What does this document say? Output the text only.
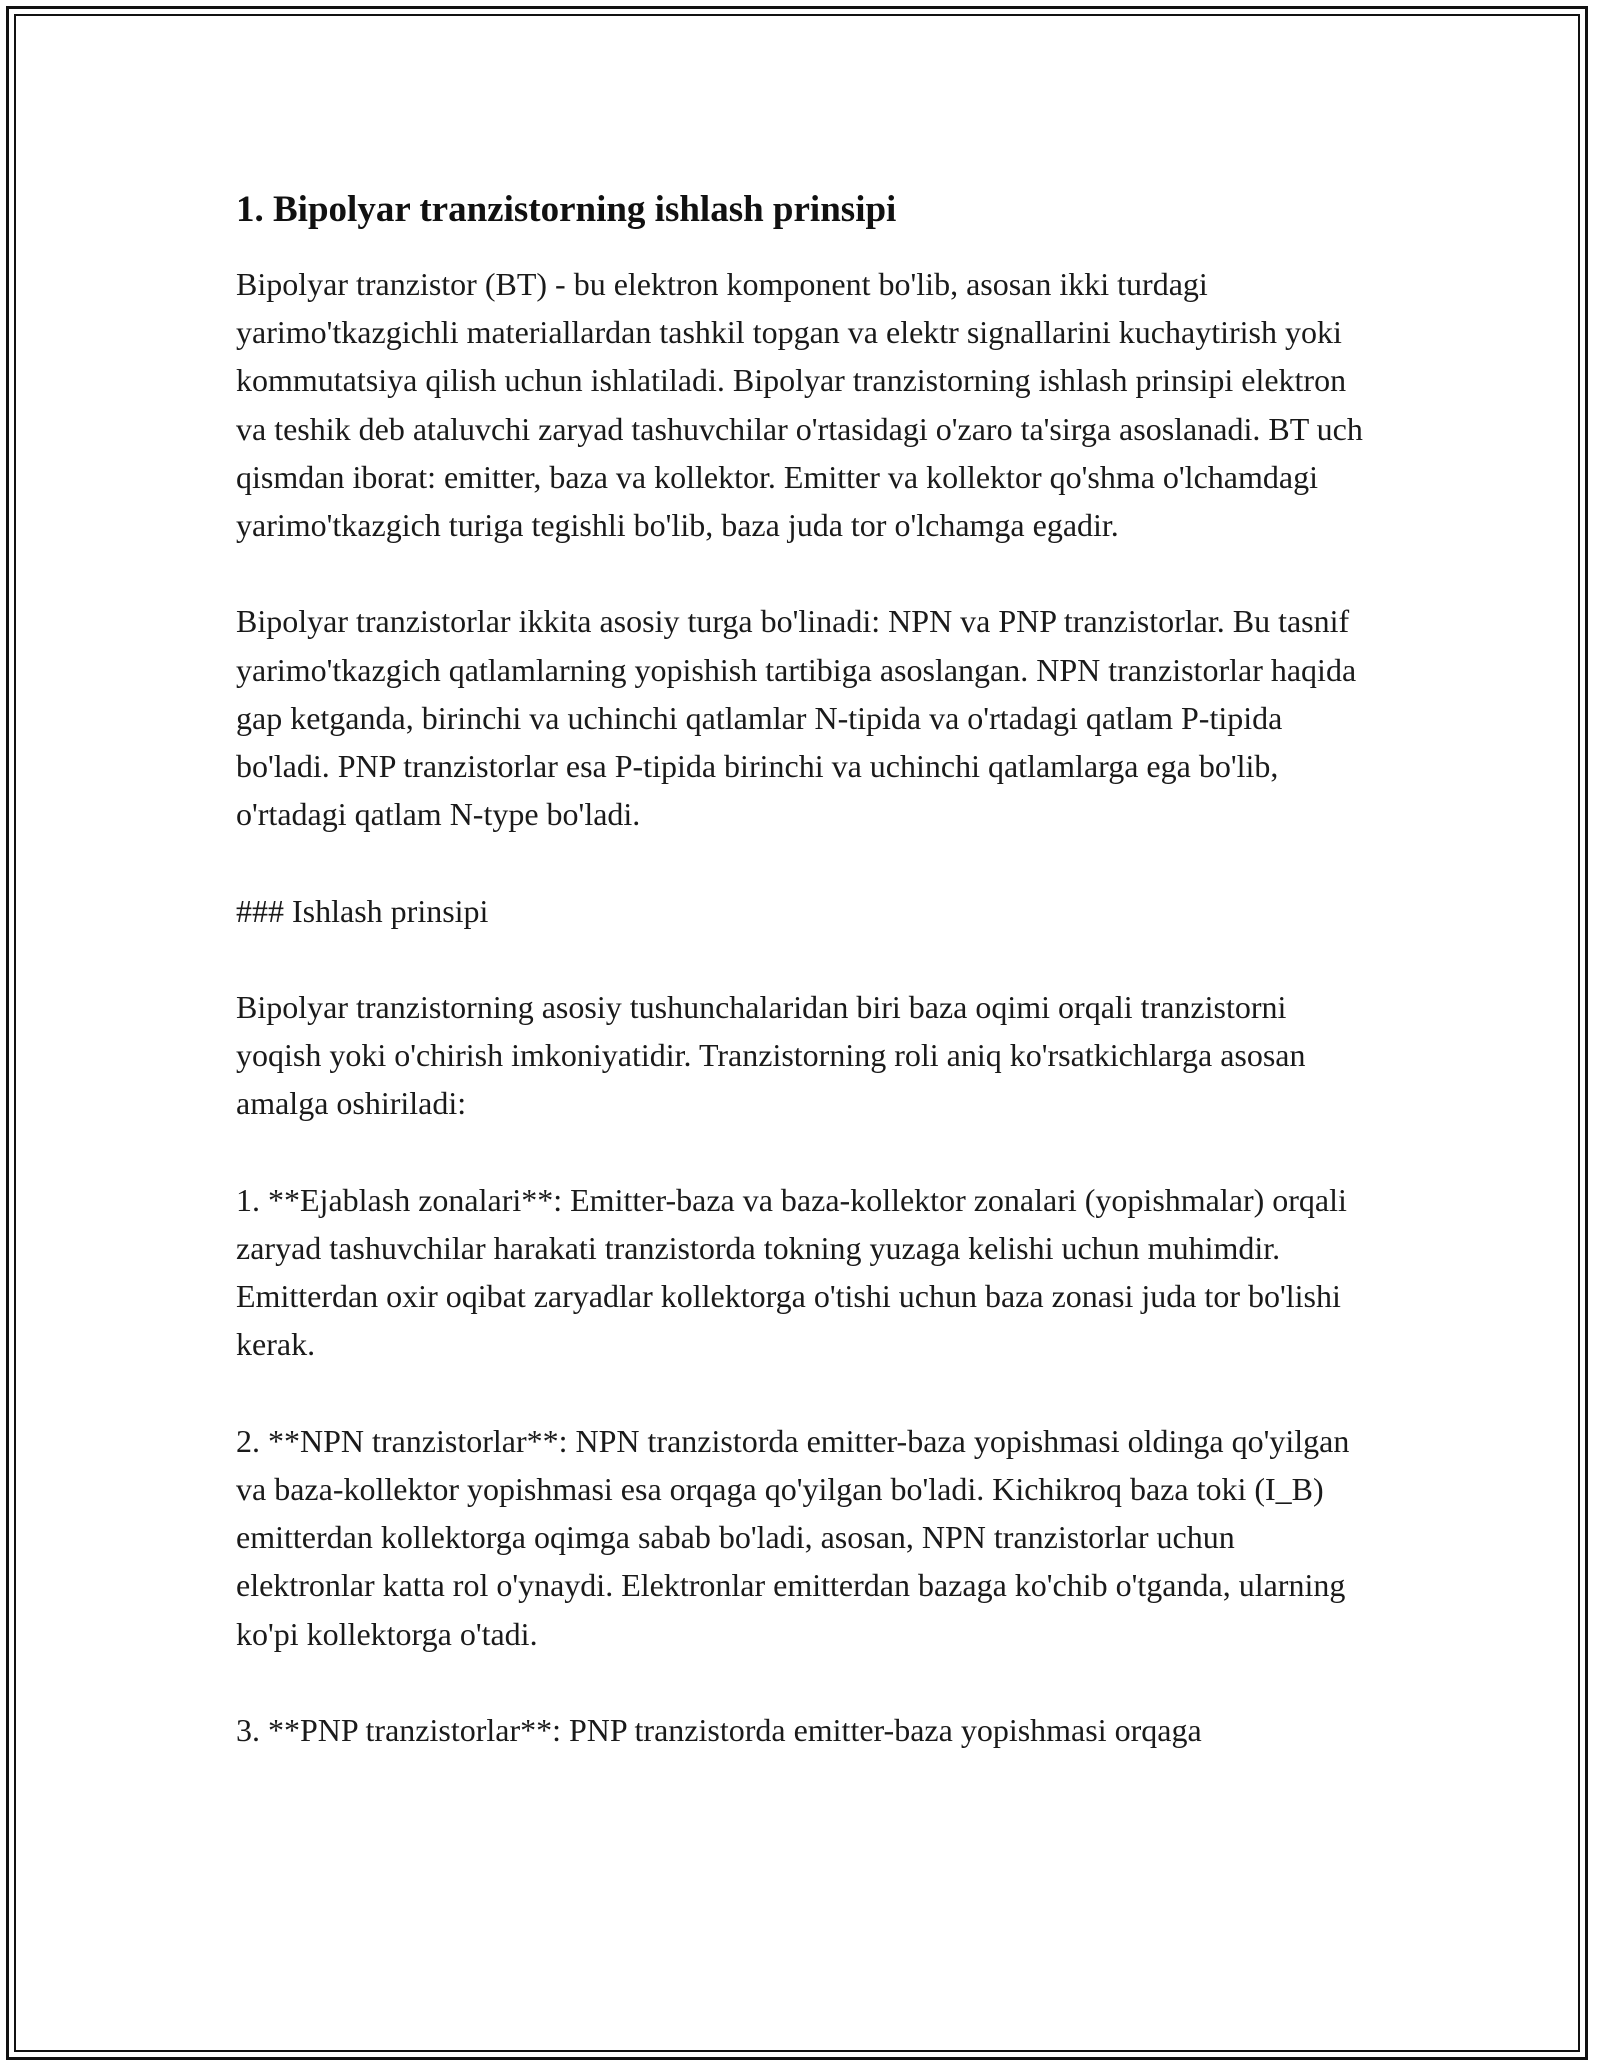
1. Bipolyar tranzistorning ishlash prinsipi

Bipolyar tranzistor (BT) - bu elektron komponent bo'lib, asosan ikki turdagi yarimo'tkazgichli materiallardan tashkil topgan va elektr signallarini kuchaytirish yoki kommutatsiya qilish uchun ishlatiladi. Bipolyar tranzistorning ishlash prinsipi elektron va teshik deb ataluvchi zaryad tashuvchilar o'rtasidagi o'zaro ta'sirga asoslanadi. BT uch qismdan iborat: emitter, baza va kollektor. Emitter va kollektor qo'shma o'lchamdagi yarimo'tkazgich turiga tegishli bo'lib, baza juda tor o'lchamga egadir.

Bipolyar tranzistorlar ikkita asosiy turga bo'linadi: NPN va PNP tranzistorlar. Bu tasnif yarimo'tkazgich qatlamlarning yopishish tartibiga asoslangan. NPN tranzistorlar haqida gap ketganda, birinchi va uchinchi qatlamlar N-tipida va o'rtadagi qatlam P-tipida bo'ladi. PNP tranzistorlar esa P-tipida birinchi va uchinchi qatlamlarga ega bo'lib, o'rtadagi qatlam N-type bo'ladi.

### Ishlash prinsipi

Bipolyar tranzistorning asosiy tushunchalaridan biri baza oqimi orqali tranzistorni yoqish yoki o'chirish imkoniyatidir. Tranzistorning roli aniq ko'rsatkichlarga asosan amalga oshiriladi:

1. **Ejablash zonalari**: Emitter-baza va baza-kollektor zonalari (yopishmalar) orqali zaryad tashuvchilar harakati tranzistorda tokning yuzaga kelishi uchun muhimdir. Emitterdan oxir oqibat zaryadlar kollektorga o'tishi uchun baza zonasi juda tor bo'lishi kerak.

2. **NPN tranzistorlar**: NPN tranzistorda emitter-baza yopishmasi oldinga qo'yilgan va baza-kollektor yopishmasi esa orqaga qo'yilgan bo'ladi. Kichikroq baza toki (I_B) emitterdan kollektorga oqimga sabab bo'ladi, asosan, NPN tranzistorlar uchun elektronlar katta rol o'ynaydi. Elektronlar emitterdan bazaga ko'chib o'tganda, ularning ko'pi kollektorga o'tadi.

3. **PNP tranzistorlar**: PNP tranzistorda emitter-baza yopishmasi orqaga
